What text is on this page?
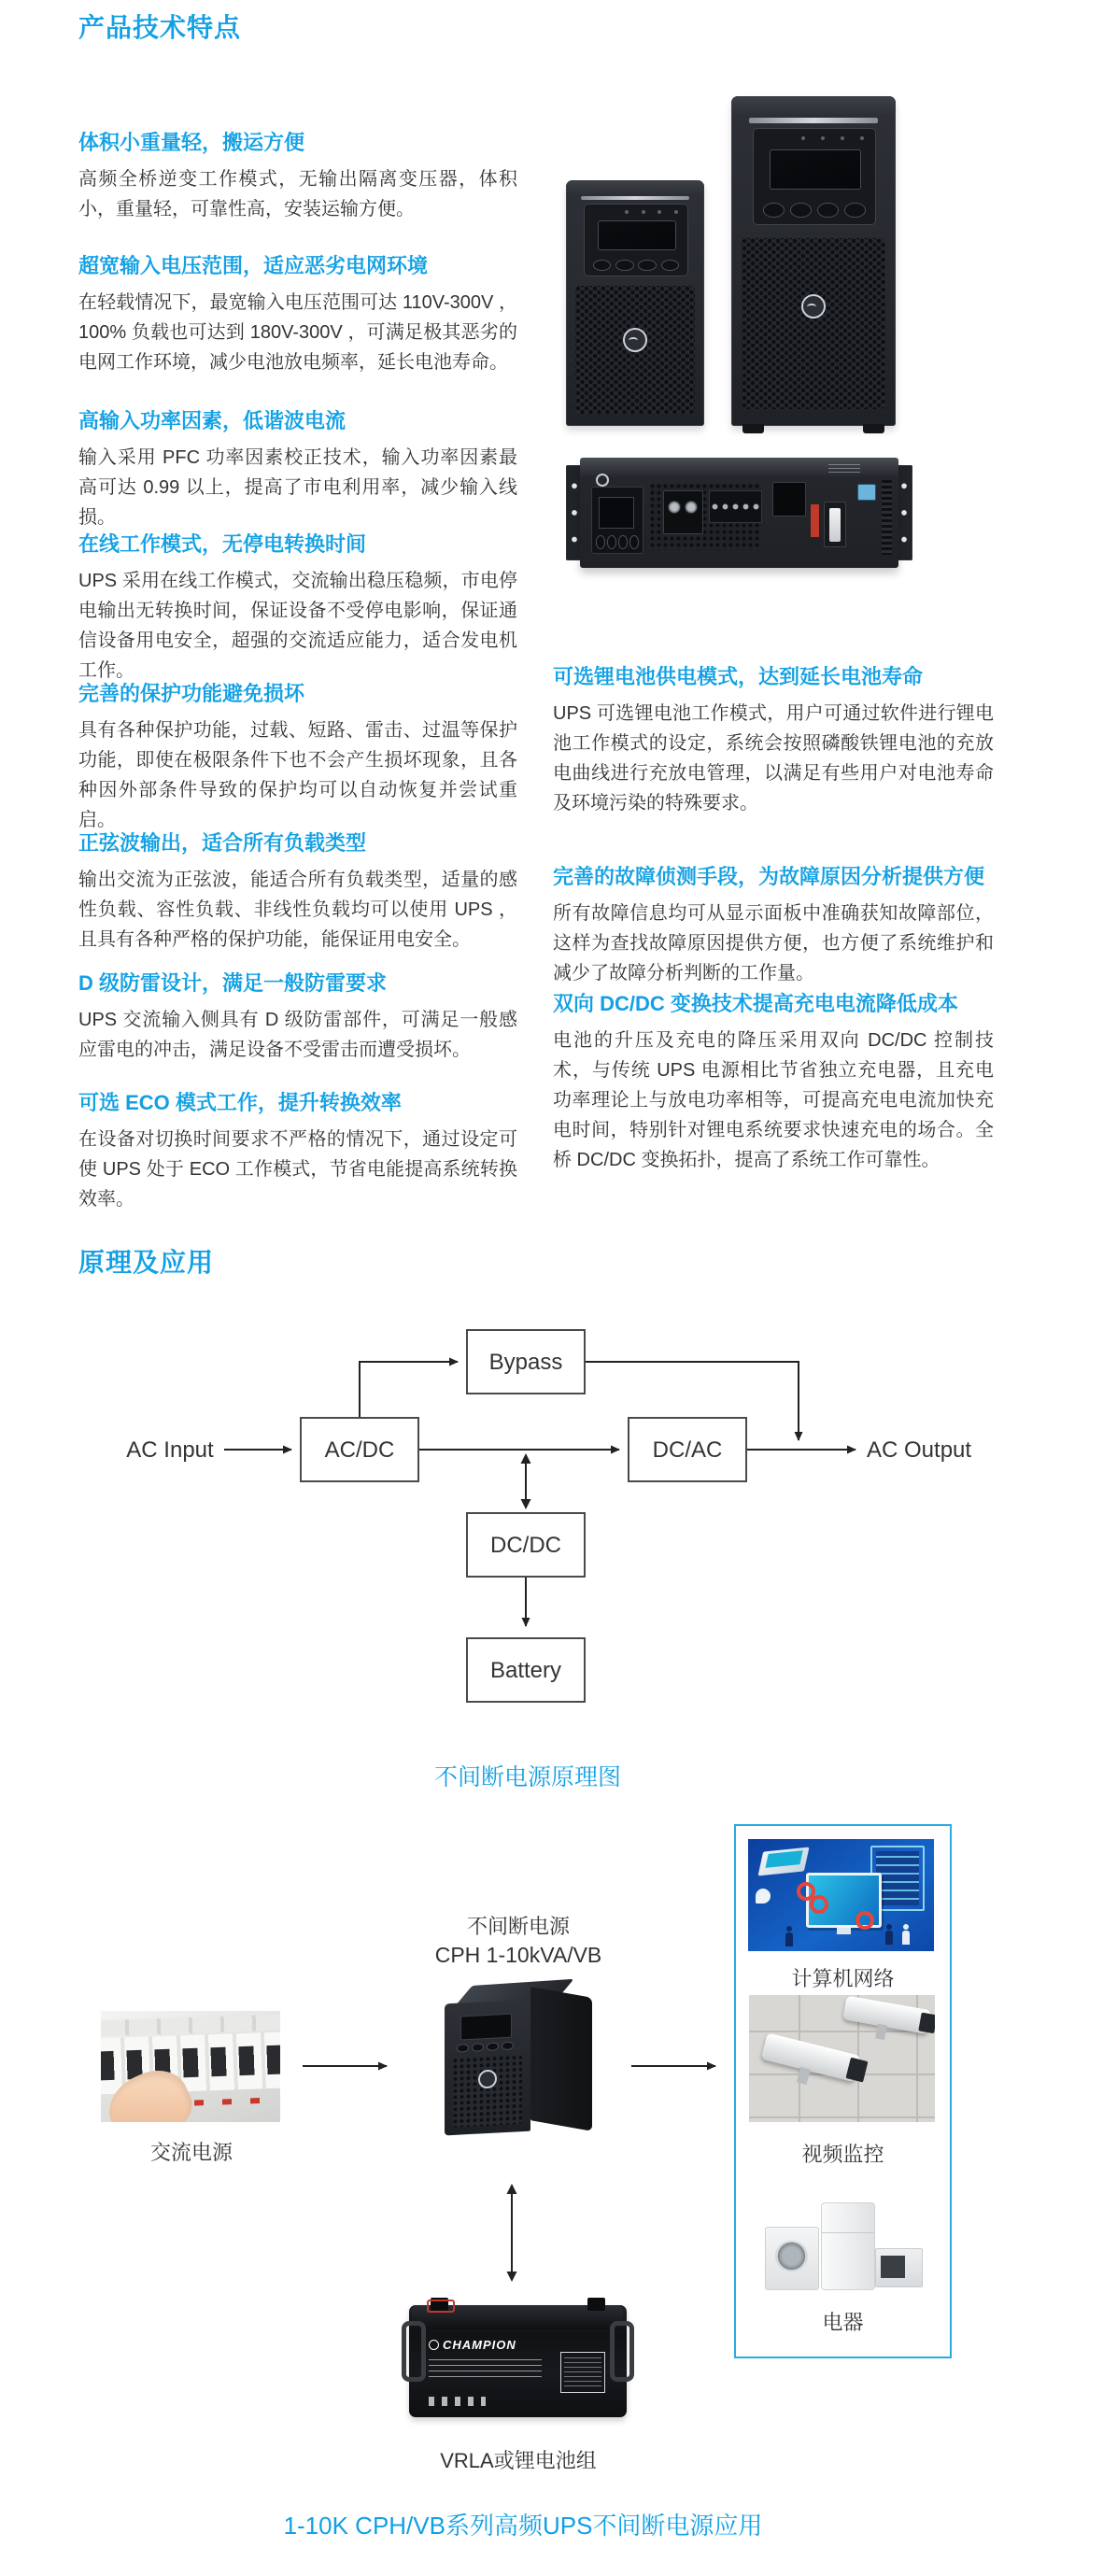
产品技术特点
体积小重量轻，搬运方便

高频全桥逆变工作模式，无输出隔离变压器，体积小，重量轻，可靠性高，安装运输方便。

超宽输入电压范围，适应恶劣电网环境

在轻载情况下，最宽输入电压范围可达 110V-300V ，100% 负载也可达到 180V-300V ，可满足极其恶劣的电网工作环境，减少电池放电频率，延长电池寿命。

高输入功率因素，低谐波电流

输入采用 PFC 功率因素校正技术，输入功率因素最高可达 0.99 以上，提高了市电利用率，减少输入线损。

在线工作模式，无停电转换时间

UPS 采用在线工作模式，交流输出稳压稳频，市电停电输出无转换时间，保证设备不受停电影响，保证通信设备用电安全，超强的交流适应能力，适合发电机工作。

完善的保护功能避免损坏

具有各种保护功能，过载、短路、雷击、过温等保护功能，即使在极限条件下也不会产生损坏现象，且各种因外部条件导致的保护均可以自动恢复并尝试重启。

正弦波输出，适合所有负载类型

输出交流为正弦波，能适合所有负载类型，适量的感性负载、容性负载、非线性负载均可以使用 UPS ，且具有各种严格的保护功能，能保证用电安全。

D 级防雷设计，满足一般防雷要求

UPS 交流输入侧具有 D 级防雷部件，可满足一般感应雷电的冲击，满足设备不受雷击而遭受损坏。

可选 ECO 模式工作，提升转换效率

在设备对切换时间要求不严格的情况下，通过设定可使 UPS 处于 ECO 工作模式，节省电能提高系统转换效率。

可选锂电池供电模式，达到延长电池寿命

UPS 可选锂电池工作模式，用户可通过软件进行锂电池工作模式的设定，系统会按照磷酸铁锂电池的充放电曲线进行充放电管理，以满足有些用户对电池寿命及环境污染的特殊要求。

完善的故障侦测手段，为故障原因分析提供方便

所有故障信息均可从显示面板中准确获知故障部位，这样为查找故障原因提供方便，也方便了系统维护和减少了故障分析判断的工作量。

双向 DC/DC 变换技术提高充电电流降低成本

电池的升压及充电的降压采用双向 DC/DC 控制技术，与传统 UPS 电源相比节省独立充电器，且充电功率理论上与放电功率相等，可提高充电电流加快充电时间，特别针对锂电系统要求快速充电的场合。全桥 DC/DC 变换拓扑，提高了系统工作可靠性。

原理及应用
Bypass
AC/DC	DC/AC
DC/DC
Battery
AC Input	AC Output
不间断电源原理图
不间断电源
CPH 1-10kVA/VB
交流电源
计算机网络
视频监控
电器
CHAMPION
VRLA或锂电池组
1-10K CPH/VB系列高频UPS不间断电源应用
